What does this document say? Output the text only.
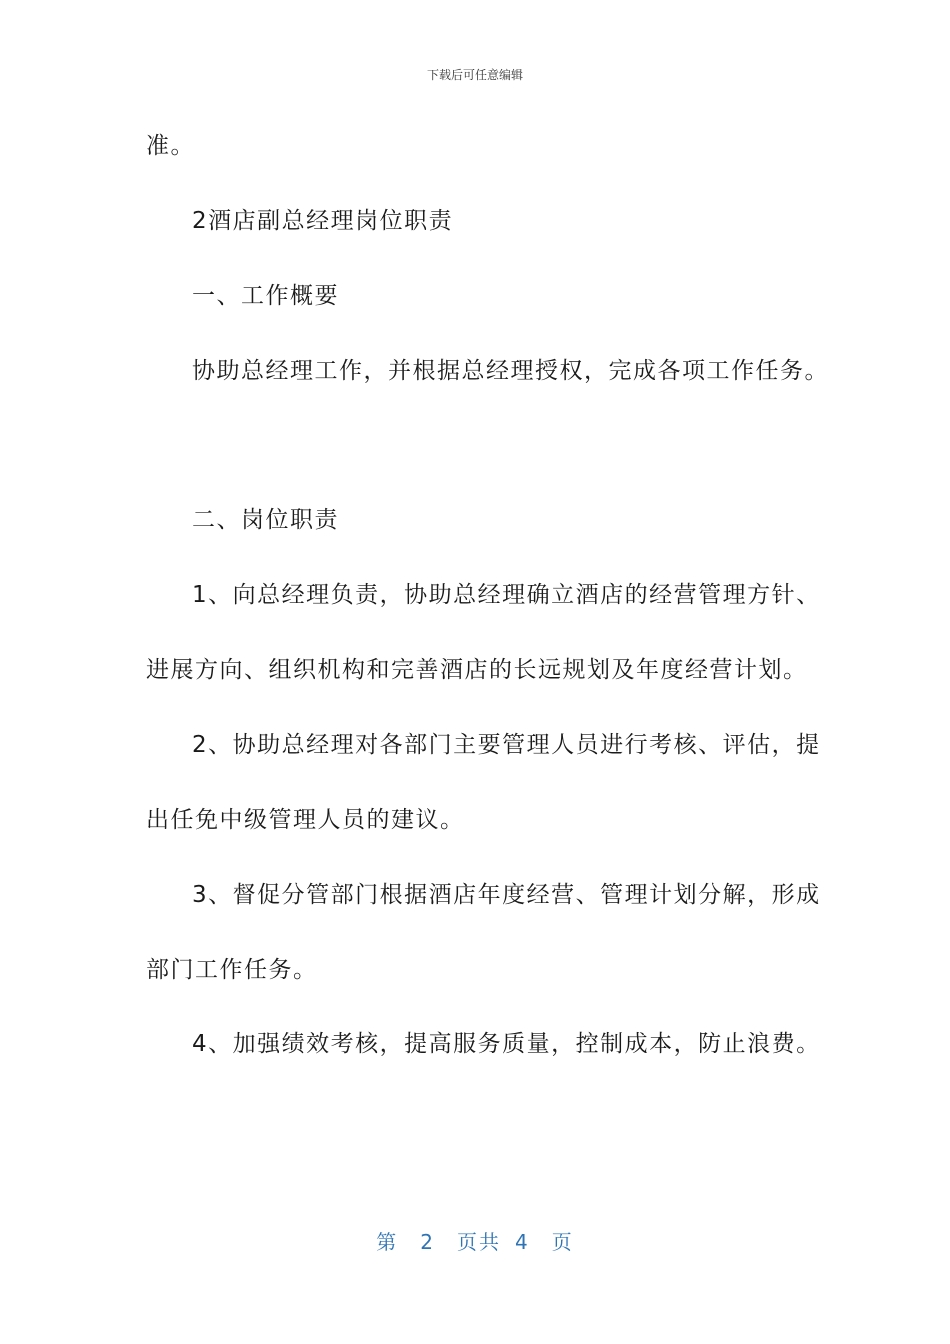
下载后可任意编辑
准。
2酒店副总经理岗位职责
一、工作概要
协助总经理工作，并根据总经理授权，完成各项工作任务。
二、岗位职责
1、向总经理负责，协助总经理确立酒店的经营管理方针、
进展方向、组织机构和完善酒店的长远规划及年度经营计划。
2、协助总经理对各部门主要管理人员进行考核、评估，提
出任免中级管理人员的建议。
3、督促分管部门根据酒店年度经营、管理计划分解，形成
部门工作任务。
4、加强绩效考核，提高服务质量，控制成本，防止浪费。
第 2 页共 4 页
